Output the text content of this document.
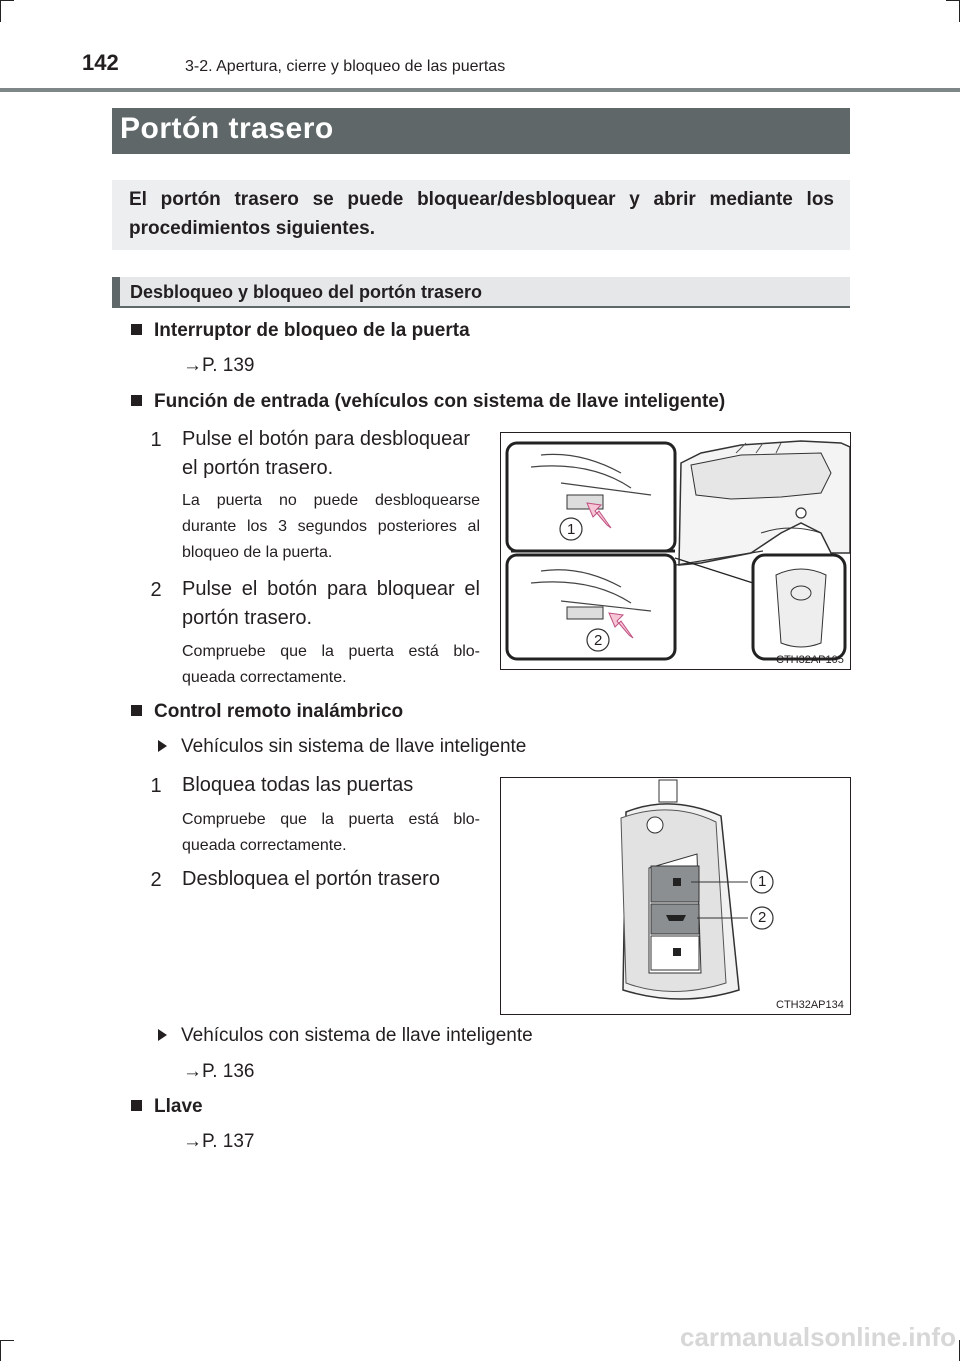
142	3-2. Apertura, cierre y bloqueo de las puertas
Portón trasero

El portón trasero se puede bloquear/desbloquear y abrir mediante los procedimientos siguientes.

Desbloqueo y bloqueo del portón trasero
Interruptor de bloqueo de la puerta
→P. 139
Función de entrada (vehículos con sistema de llave inteligente)
1 Pulse el botón para desbloquear
el portón trasero.
La puerta no puede desbloquearse durante los 3 segundos posteriores al bloqueo de la puerta.
2 Pulse el botón para bloquear el portón trasero.
Compruebe que la puerta está blo-queada correctamente.
1
2
CTH32AP105
Control remoto inalámbrico
Vehículos sin sistema de llave inteligente
1 Bloquea todas las puertas
Compruebe que la puerta está blo-queada correctamente.
2 Desbloquea el portón trasero	1
2
CTH32AP134
Vehículos con sistema de llave inteligente
→P. 136
Llave
→P. 137
carmanualsonline.info
